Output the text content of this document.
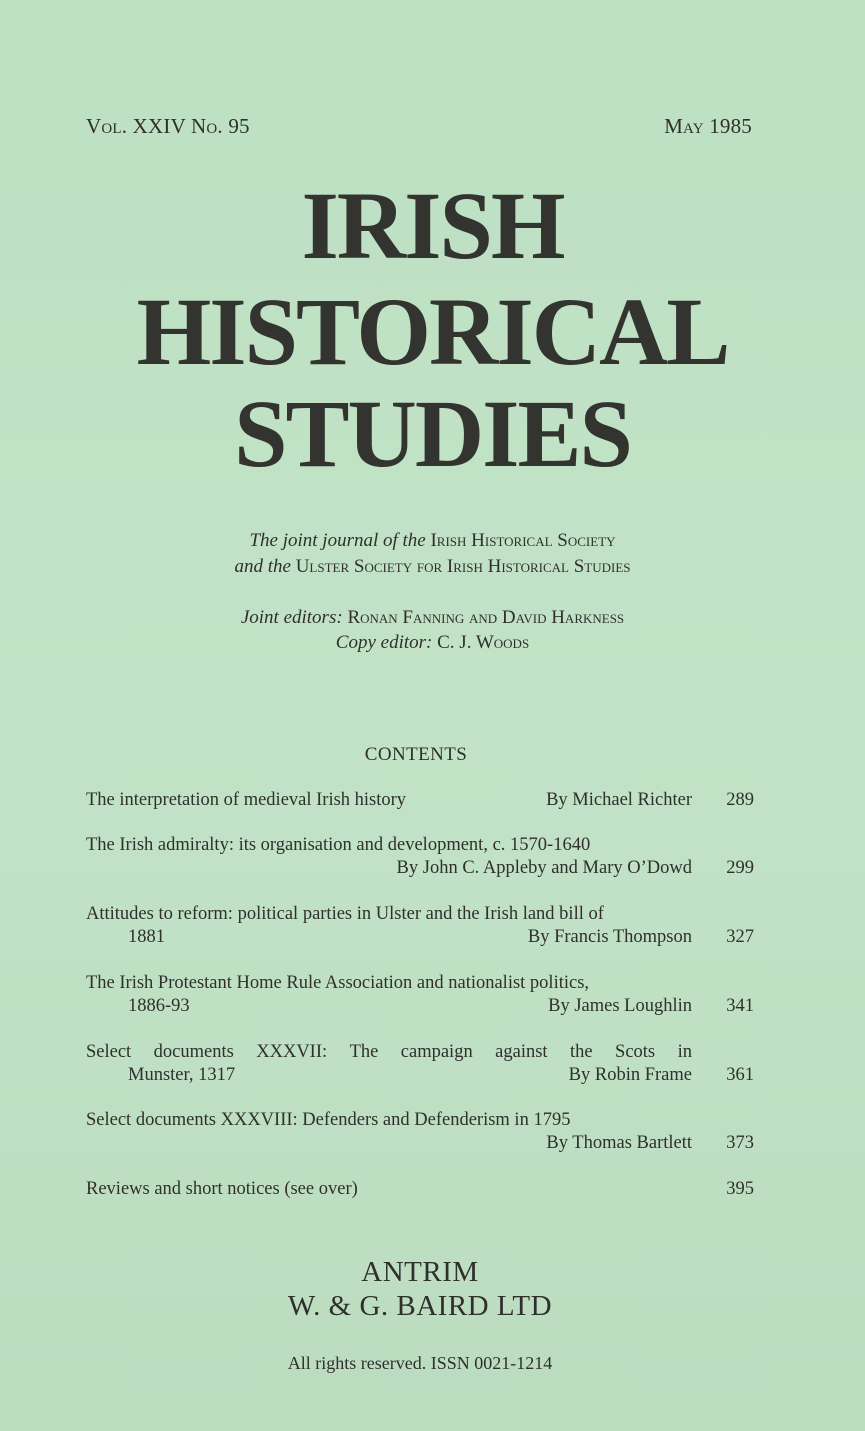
Vol. XXIV No. 95	May 1985
IRISH
HISTORICAL
STUDIES
The joint journal of the Irish Historical Society
and the Ulster Society for Irish Historical Studies
Joint editors: Ronan Fanning and David Harkness
Copy editor: C. J. Woods
CONTENTS
The interpretation of medieval Irish history	By Michael Richter 289
The Irish admiralty: its organisation and development, c. 1570-1640
By John C. Appleby and Mary O’Dowd 299
Attitudes to reform: political parties in Ulster and the Irish land bill of
1881	By Francis Thompson 327
The Irish Protestant Home Rule Association and nationalist politics,
1886-93	By James Loughlin 341
Select documents XXXVII: The campaign against the Scots in
Munster, 1317	By Robin Frame 361
Select documents XXXVIII: Defenders and Defenderism in 1795
By Thomas Bartlett 373
Reviews and short notices (see over)	395
ANTRIM
W. & G. BAIRD LTD
All rights reserved. ISSN 0021-1214
